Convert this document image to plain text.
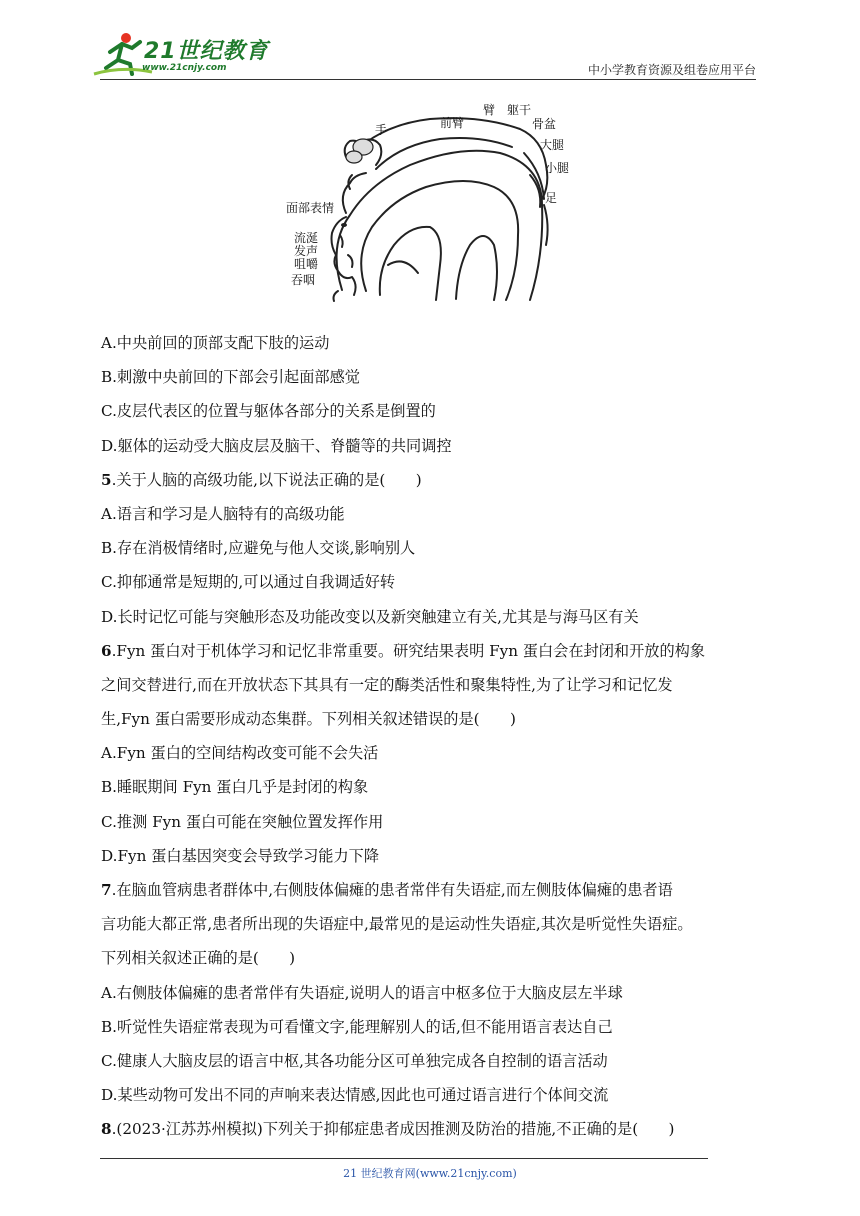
21世纪教育
www.21cnjy.com	中小学教育资源及组卷应用平台
手	前臂
臂 躯干
骨盆
大腿
小腿
足
面部表情
流涎
发声
咀嚼
吞咽
A.中央前回的顶部支配下肢的运动
B.刺激中央前回的下部会引起面部感觉
C.皮层代表区的位置与躯体各部分的关系是倒置的
D.躯体的运动受大脑皮层及脑干、脊髓等的共同调控
5.关于人脑的高级功能,以下说法正确的是(　　)
A.语言和学习是人脑特有的高级功能
B.存在消极情绪时,应避免与他人交谈,影响别人
C.抑郁通常是短期的,可以通过自我调适好转
D.长时记忆可能与突触形态及功能改变以及新突触建立有关,尤其是与海马区有关
6.Fyn 蛋白对于机体学习和记忆非常重要。研究结果表明 Fyn 蛋白会在封闭和开放的构象
之间交替进行,而在开放状态下其具有一定的酶类活性和聚集特性,为了让学习和记忆发
生,Fyn 蛋白需要形成动态集群。下列相关叙述错误的是(　　)
A.Fyn 蛋白的空间结构改变可能不会失活
B.睡眠期间 Fyn 蛋白几乎是封闭的构象
C.推测 Fyn 蛋白可能在突触位置发挥作用
D.Fyn 蛋白基因突变会导致学习能力下降
7.在脑血管病患者群体中,右侧肢体偏瘫的患者常伴有失语症,而左侧肢体偏瘫的患者语
言功能大都正常,患者所出现的失语症中,最常见的是运动性失语症,其次是听觉性失语症。
下列相关叙述正确的是(　　)
A.右侧肢体偏瘫的患者常伴有失语症,说明人的语言中枢多位于大脑皮层左半球
B.听觉性失语症常表现为可看懂文字,能理解别人的话,但不能用语言表达自己
C.健康人大脑皮层的语言中枢,其各功能分区可单独完成各自控制的语言活动
D.某些动物可发出不同的声响来表达情感,因此也可通过语言进行个体间交流
8.(2023·江苏苏州模拟)下列关于抑郁症患者成因推测及防治的措施,不正确的是(　　)
21 世纪教育网(www.21cnjy.com)
